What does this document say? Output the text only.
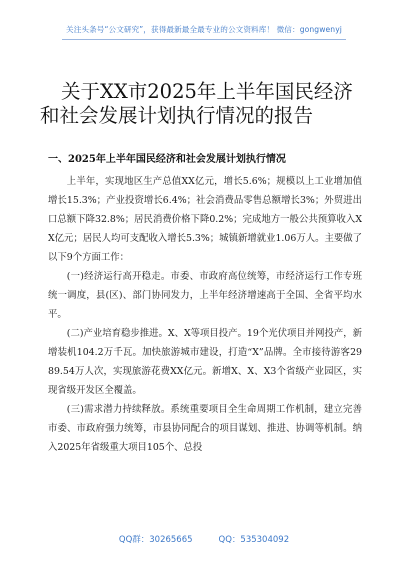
关注头条号“公文研究”，获得最新最全最专业的公文资料库！ 微信：gongwenyj
关于XX市2025年上半年国民经济
和社会发展计划执行情况的报告
一、2025年上半年国民经济和社会发展计划执行情况

上半年，实现地区生产总值XX亿元，增长5.6%；规模以上工业增加值增长15.3%；产业投资增长6.4%；社会消费品零售总额增长3%；外贸进出口总额下降32.8%；居民消费价格下降0.2%；完成地方一般公共预算收入XX亿元；居民人均可支配收入增长5.3%；城镇新增就业1.06万人。主要做了以下9个方面工作：

(一)经济运行高开稳走。市委、市政府高位统筹，市经济运行工作专班统一调度，县(区)、部门协同发力，上半年经济增速高于全国、全省平均水平。

(二)产业培育稳步推进。X、X等项目投产。19个光伏项目并网投产，新增装机104.2万千瓦。加快旅游城市建设，打造“X”品牌。全市接待游客2989.54万人次，实现旅游花费XX亿元。新增X、X、X3个省级产业园区，实现省级开发区全覆盖。

(三)需求潜力持续释放。系统重要项目全生命周期工作机制，建立完善市委、市政府强力统筹，市县协同配合的项目谋划、推进、协调等机制。纳入2025年省级重大项目105个、总投

QQ群：30265665	QQ：535304092
